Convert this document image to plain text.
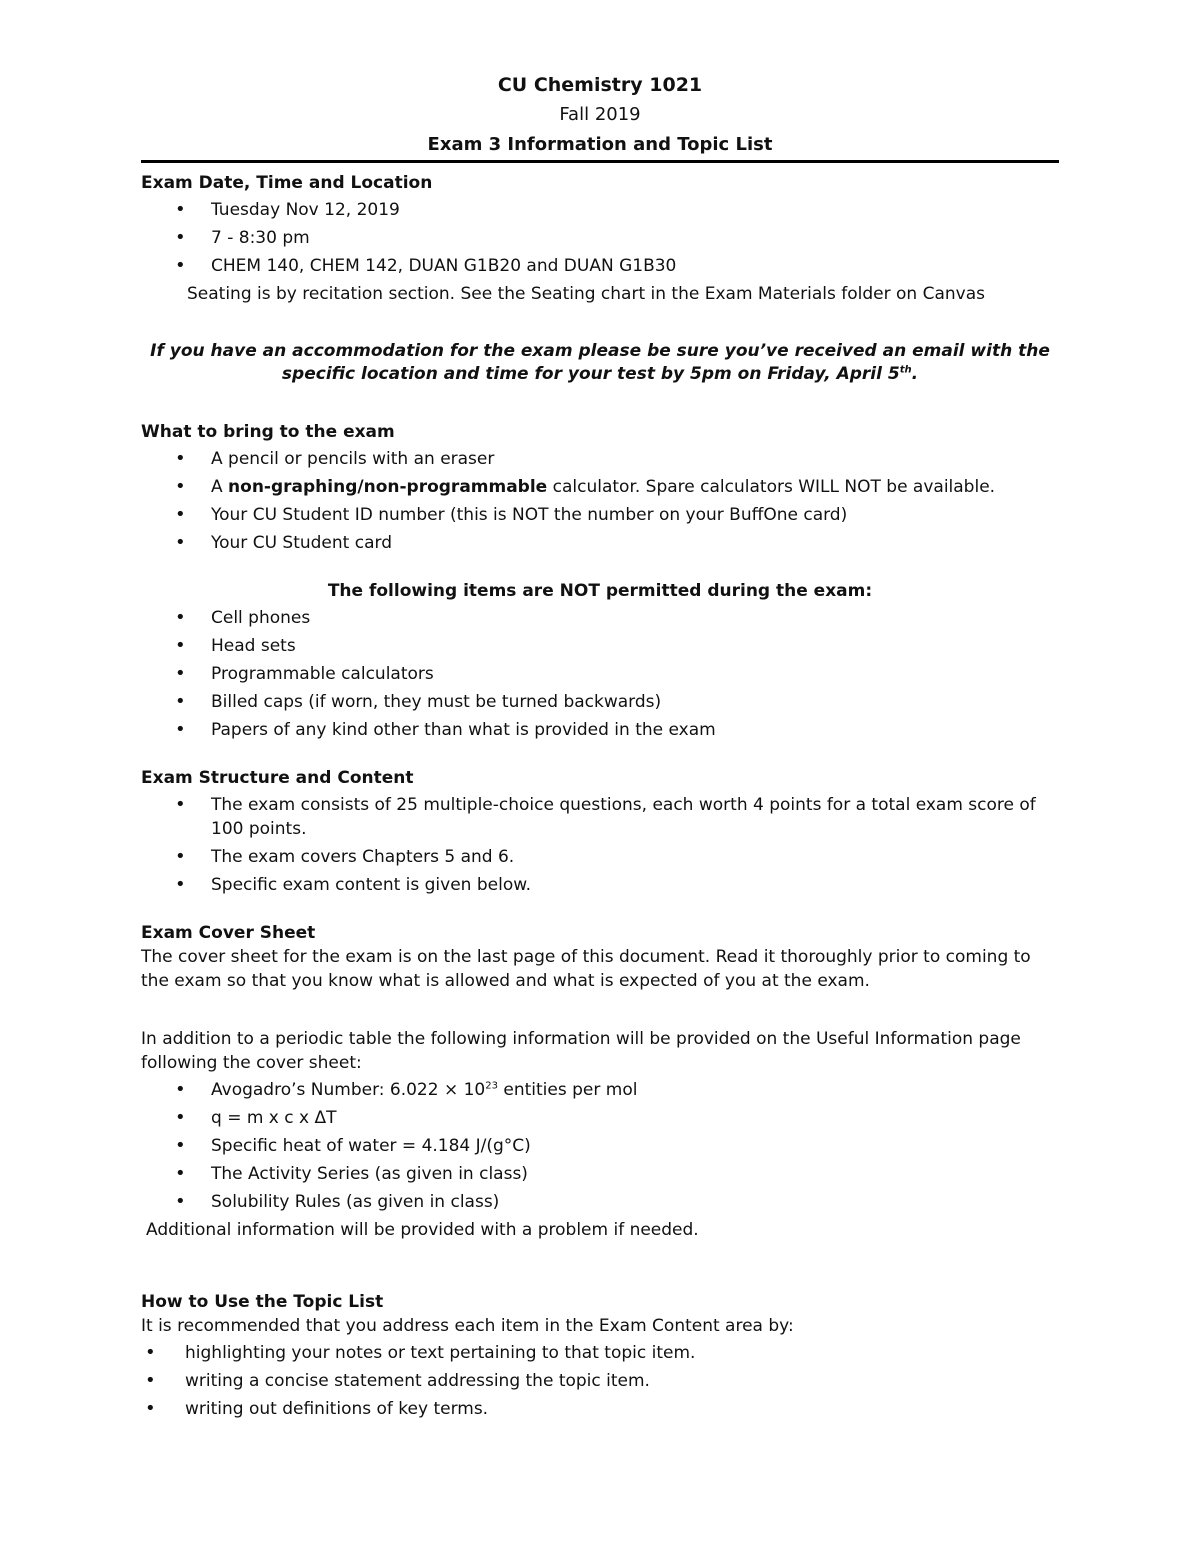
CU Chemistry 1021
Fall 2019
Exam 3 Information and Topic List
Exam Date, Time and Location
• Tuesday Nov 12, 2019
• 7 - 8:30 pm
• CHEM 140, CHEM 142, DUAN G1B20 and DUAN G1B30
Seating is by recitation section. See the Seating chart in the Exam Materials folder on Canvas
If you have an accommodation for the exam please be sure you’ve received an email with the specific location and time for your test by 5pm on Friday, April 5th.
What to bring to the exam
• A pencil or pencils with an eraser
• A non-graphing/non-programmable calculator. Spare calculators WILL NOT be available.
• Your CU Student ID number (this is NOT the number on your BuffOne card)
• Your CU Student card
The following items are NOT permitted during the exam:
• Cell phones
• Head sets
• Programmable calculators
• Billed caps (if worn, they must be turned backwards)
• Papers of any kind other than what is provided in the exam
Exam Structure and Content
• The exam consists of 25 multiple-choice questions, each worth 4 points for a total exam score of 100 points.
• The exam covers Chapters 5 and 6.
• Specific exam content is given below.
Exam Cover Sheet
The cover sheet for the exam is on the last page of this document. Read it thoroughly prior to coming to the exam so that you know what is allowed and what is expected of you at the exam.
In addition to a periodic table the following information will be provided on the Useful Information page following the cover sheet:
• Avogadro’s Number: $6.022 \times 10^{23}$ entities per mol
• q = m x c x ΔT
• Specific heat of water = 4.184 J/(g°C)
• The Activity Series (as given in class)
• Solubility Rules (as given in class)
Additional information will be provided with a problem if needed.
How to Use the Topic List
It is recommended that you address each item in the Exam Content area by:
• highlighting your notes or text pertaining to that topic item.
• writing a concise statement addressing the topic item.
• writing out definitions of key terms.
